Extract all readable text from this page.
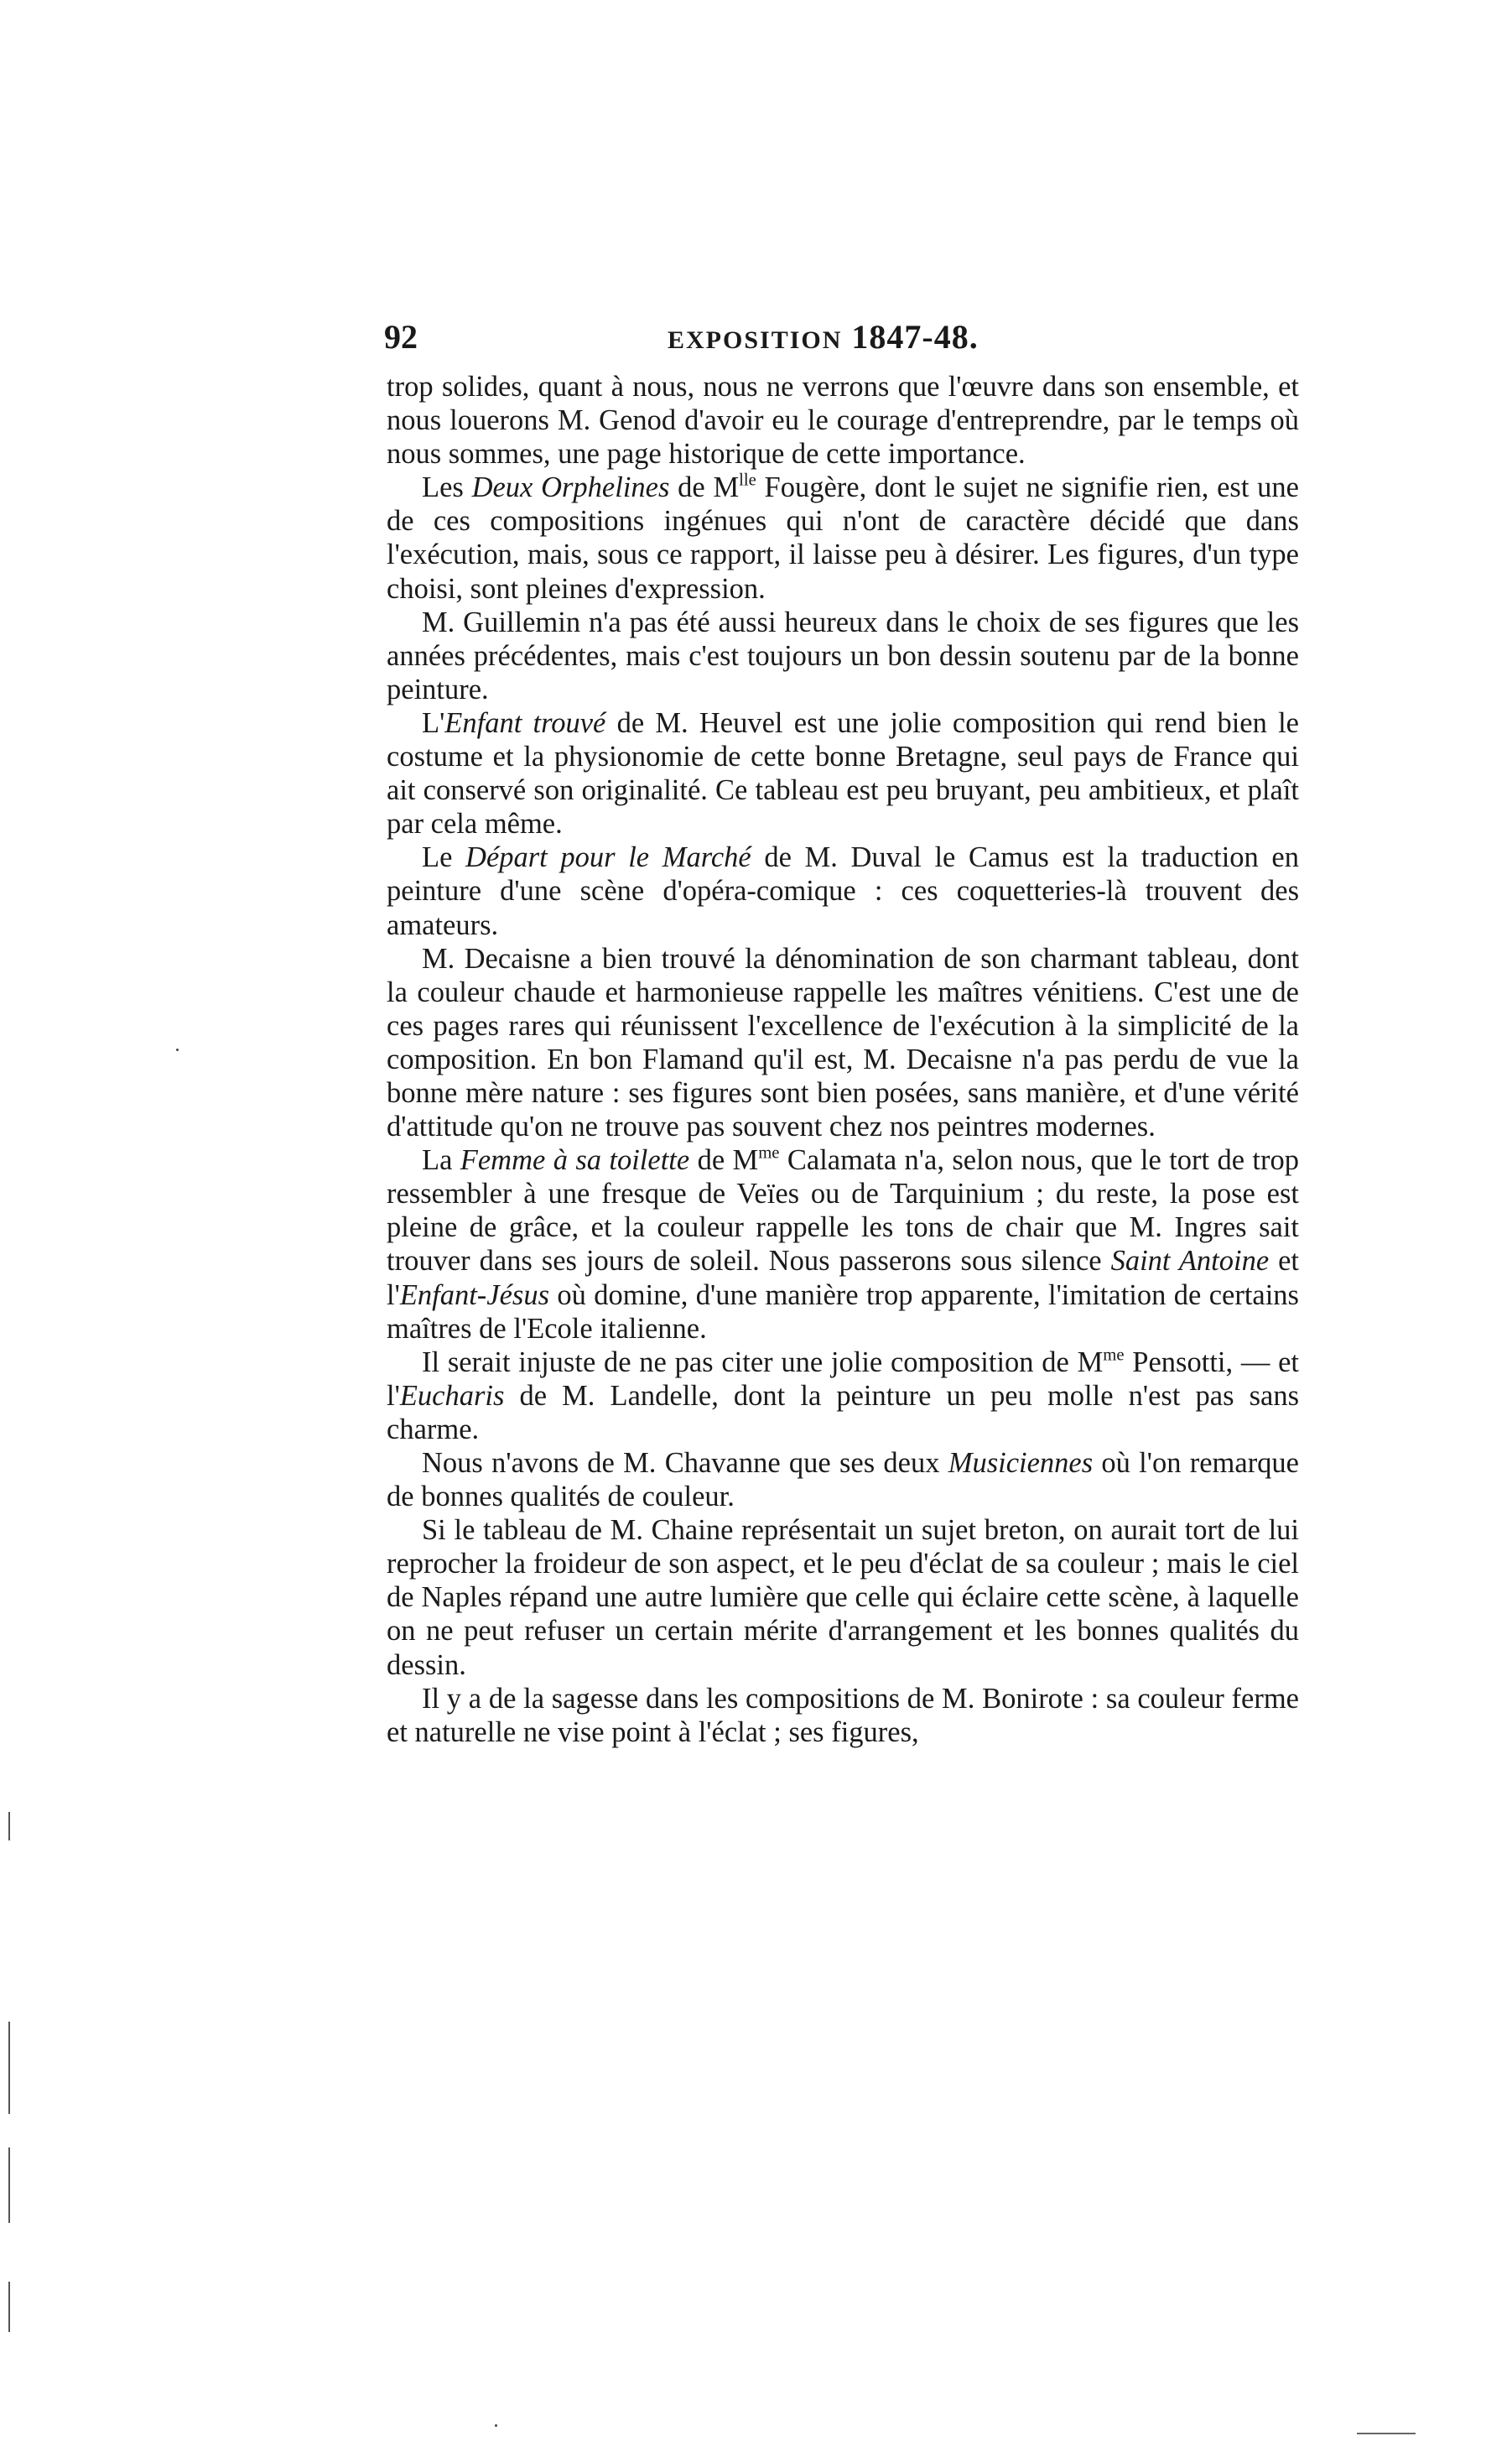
92	EXPOSITION 1847-48.

trop solides, quant à nous, nous ne verrons que l'œuvre dans son ensemble, et nous louerons M. Genod d'avoir eu le courage d'entreprendre, par le temps où nous sommes, une page historique de cette importance.

Les Deux Orphelines de $M^{lle}$ Fougère, dont le sujet ne signifie rien, est une de ces compositions ingénues qui n'ont de caractère décidé que dans l'exécution, mais, sous ce rapport, il laisse peu à désirer. Les figures, d'un type choisi, sont pleines d'expression.

M. Guillemin n'a pas été aussi heureux dans le choix de ses figures que les années précédentes, mais c'est toujours un bon dessin soutenu par de la bonne peinture.

L'Enfant trouvé de M. Heuvel est une jolie composition qui rend bien le costume et la physionomie de cette bonne Bretagne, seul pays de France qui ait conservé son originalité. Ce tableau est peu bruyant, peu ambitieux, et plaît par cela même.

Le Départ pour le Marché de M. Duval le Camus est la traduction en peinture d'une scène d'opéra-comique : ces coquetteries-là trouvent des amateurs.

M. Decaisne a bien trouvé la dénomination de son charmant tableau, dont la couleur chaude et harmonieuse rappelle les maîtres vénitiens. C'est une de ces pages rares qui réunissent l'excellence de l'exécution à la simplicité de la composition. En bon Flamand qu'il est, M. Decaisne n'a pas perdu de vue la bonne mère nature : ses figures sont bien posées, sans manière, et d'une vérité d'attitude qu'on ne trouve pas souvent chez nos peintres modernes.

La Femme à sa toilette de $M^{me}$ Calamata n'a, selon nous, que le tort de trop ressembler à une fresque de Veïes ou de Tarquinium ; du reste, la pose est pleine de grâce, et la couleur rappelle les tons de chair que M. Ingres sait trouver dans ses jours de soleil. Nous passerons sous silence Saint Antoine et l'Enfant-Jésus où domine, d'une manière trop apparente, l'imitation de certains maîtres de l'Ecole italienne.

Il serait injuste de ne pas citer une jolie composition de $M^{me}$ Pensotti, — et l'Eucharis de M. Landelle, dont la peinture un peu molle n'est pas sans charme.

Nous n'avons de M. Chavanne que ses deux Musiciennes où l'on remarque de bonnes qualités de couleur.

Si le tableau de M. Chaine représentait un sujet breton, on aurait tort de lui reprocher la froideur de son aspect, et le peu d'éclat de sa couleur ; mais le ciel de Naples répand une autre lumière que celle qui éclaire cette scène, à laquelle on ne peut refuser un certain mérite d'arrangement et les bonnes qualités du dessin.

Il y a de la sagesse dans les compositions de M. Bonirote : sa couleur ferme et naturelle ne vise point à l'éclat ; ses figures,
